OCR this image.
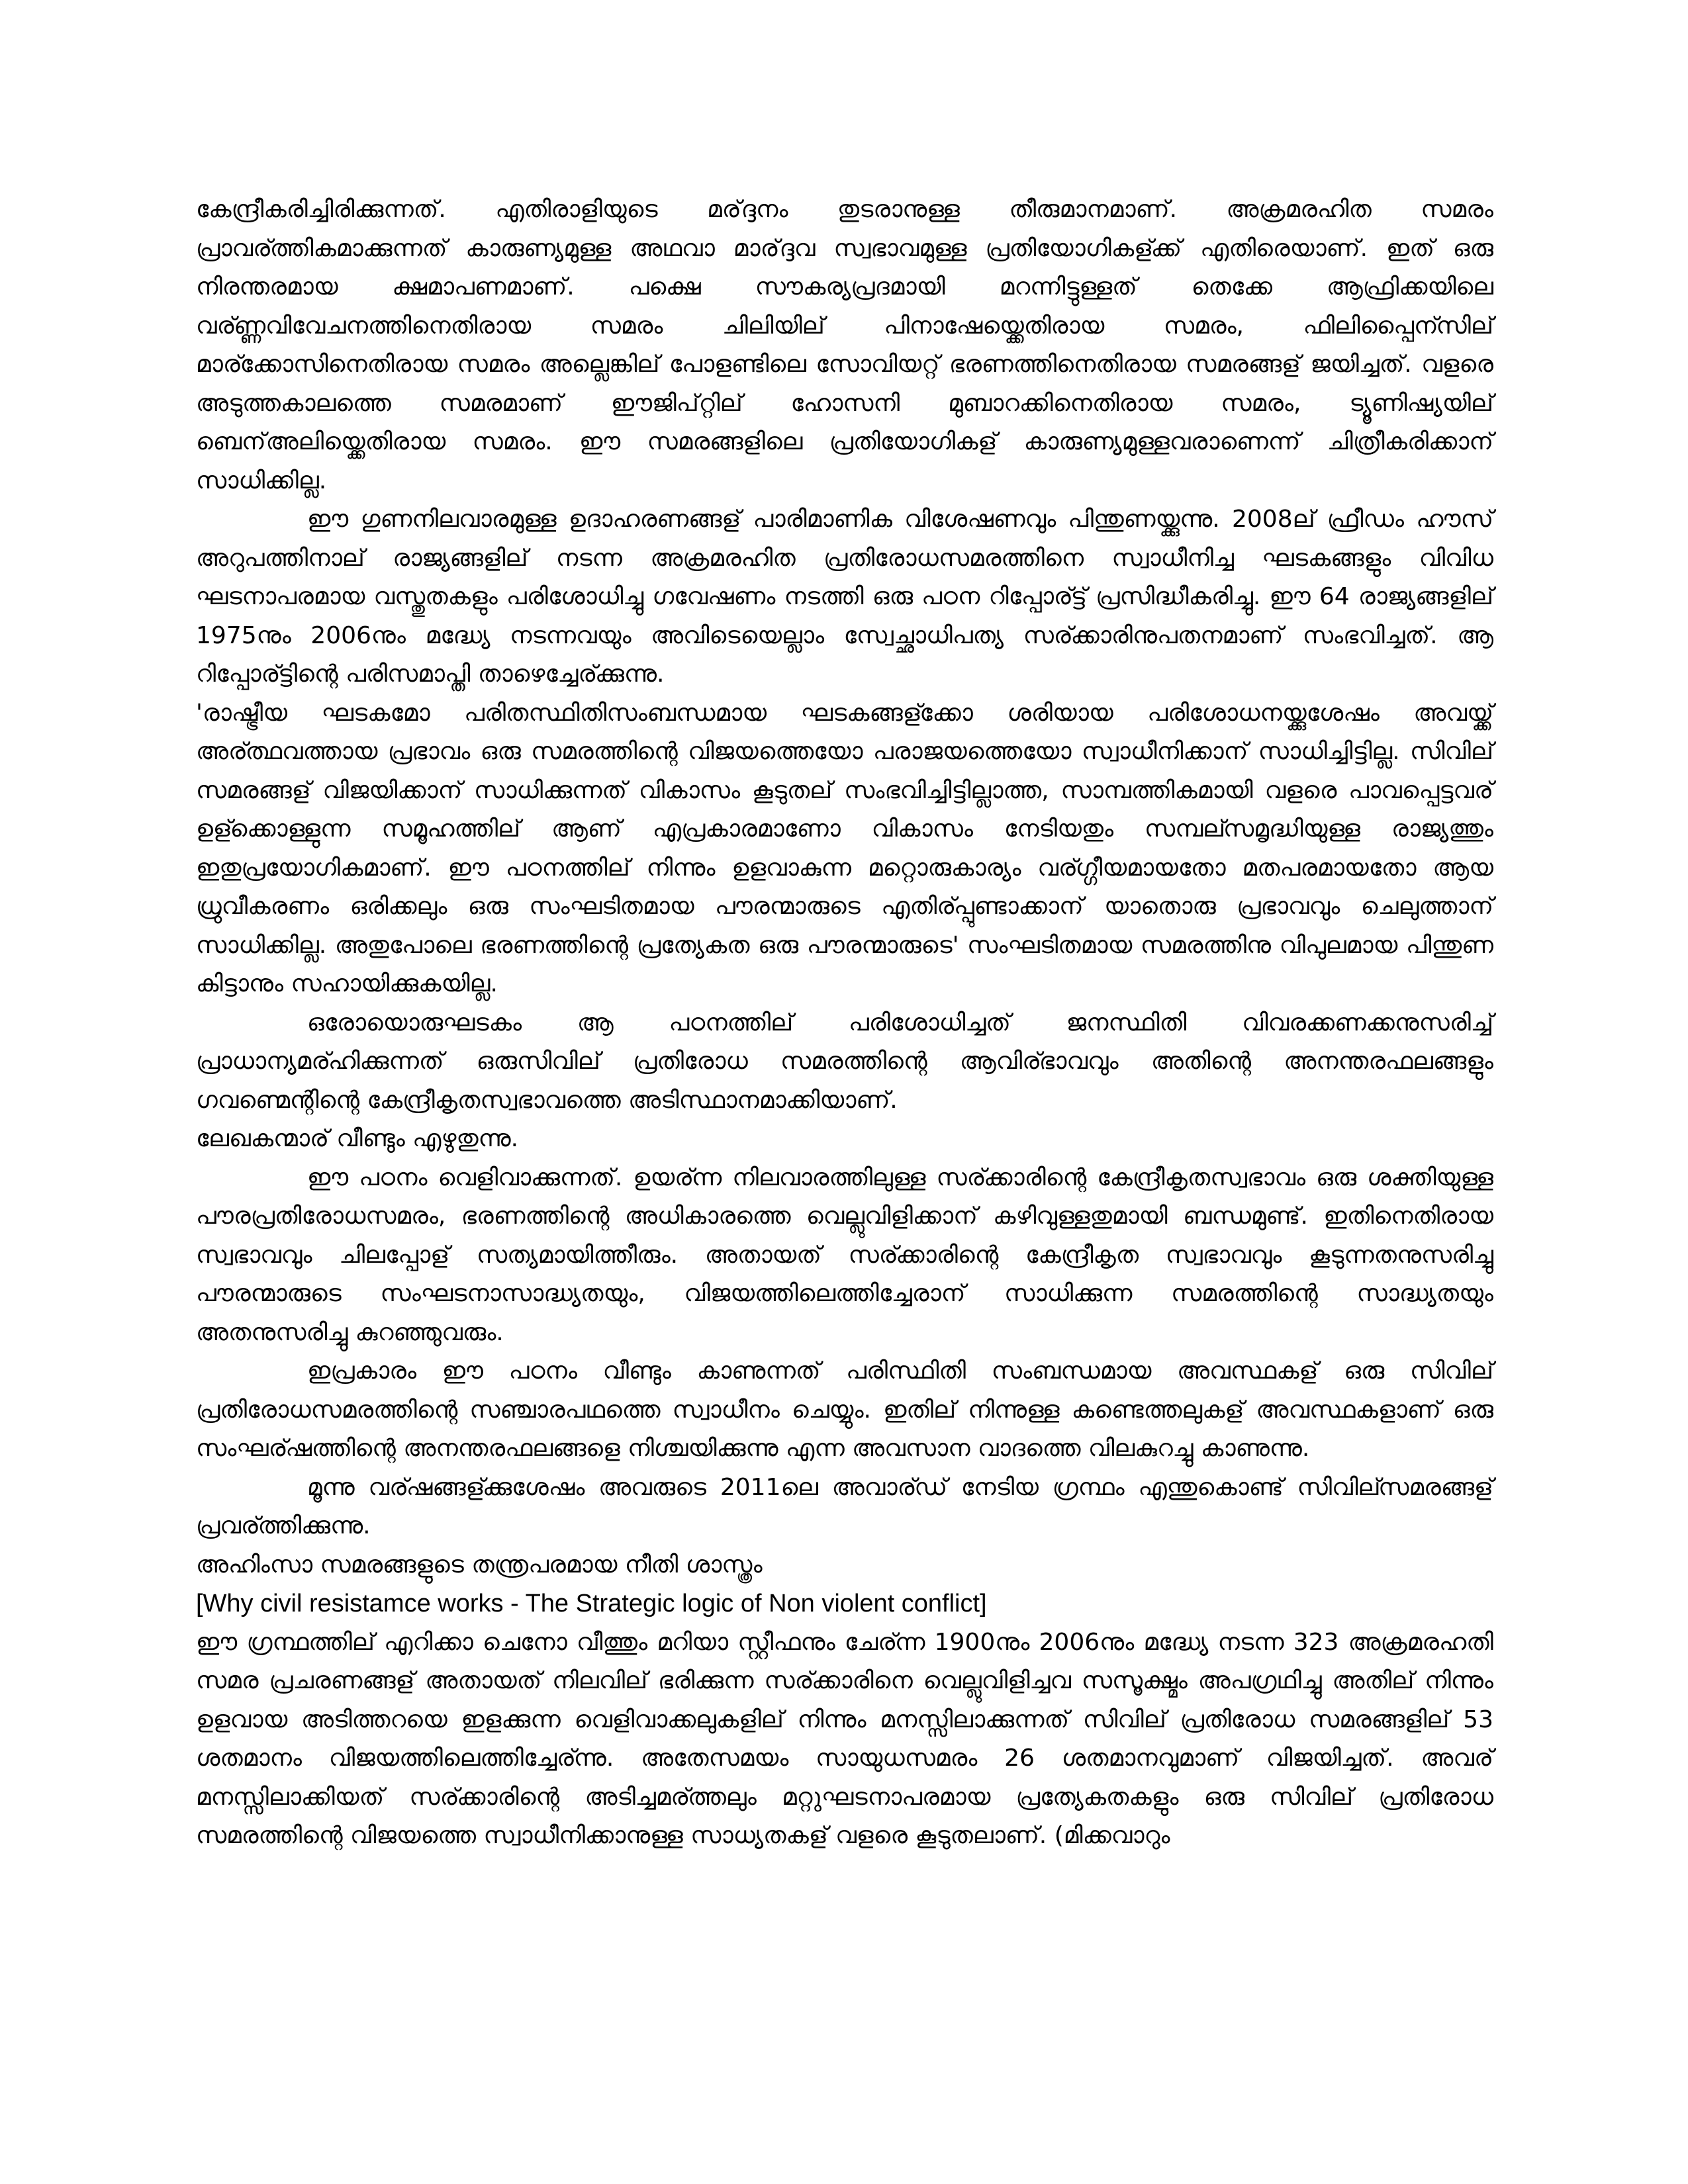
കേന്ദ്രീകരിച്ചിരിക്കുന്നത്. എതിരാളിയുടെ മര്ദ്ദനം തുടരാനുള്ള തീരുമാനമാണ്. അക്രമരഹിത സമരം പ്രാവര്ത്തികമാക്കുന്നത് കാരുണ്യമുള്ള അഥവാ മാര്ദ്ദവ സ്വഭാവമുള്ള പ്രതിയോഗികള്ക്ക് എതിരെയാണ്. ഇത് ഒരു നിരന്തരമായ ക്ഷമാപണമാണ്. പക്ഷെ സൗകര്യപ്രദമായി മറന്നിട്ടുള്ളത് തെക്കേ ആഫ്രിക്കയിലെ വര്ണ്ണവിവേചനത്തിനെതിരായ സമരം ചിലിയില് പിനാഷേയ്ക്കെതിരായ സമരം, ഫിലിപ്പൈന്സില് മാര്ക്കോസിനെതിരായ സമരം അല്ലെങ്കില് പോളണ്ടിലെ സോവിയറ്റ് ഭരണത്തിനെതിരായ സമരങ്ങള് ജയിച്ചത്. വളരെ അടുത്തകാലത്തെ സമരമാണ് ഈജിപ്റ്റില് ഹോസനി മുബാറക്കിനെതിരായ സമരം, ട്യൂണിഷ്യയില് ബെന്അലിയ്ക്കെതിരായ സമരം. ഈ സമരങ്ങളിലെ പ്രതിയോഗികള് കാരുണ്യമുള്ളവരാണെന്ന് ചിത്രീകരിക്കാന് സാധിക്കില്ല.

ഈ ഗുണനിലവാരമുള്ള ഉദാഹരണങ്ങള് പാരിമാണിക വിശേഷണവും പിന്തുണയ്ക്കുന്നു. 2008ല് ഫ്രീഡം ഹൗസ് അറുപത്തിനാല് രാജ്യങ്ങളില് നടന്ന അക്രമരഹിത പ്രതിരോധസമരത്തിനെ സ്വാധീനിച്ച ഘടകങ്ങളും വിവിധ ഘടനാപരമായ വസ്തുതകളും പരിശോധിച്ചു ഗവേഷണം നടത്തി ഒരു പഠന റിപ്പോര്ട്ട് പ്രസിദ്ധീകരിച്ചു. ഈ 64 രാജ്യങ്ങളില് 1975നും 2006നും മദ്ധ്യേ നടന്നവയും അവിടെയെല്ലാം സ്വേച്ഛാധിപത്യ സര്ക്കാരിനുപതനമാണ് സംഭവിച്ചത്. ആ റിപ്പോര്ട്ടിന്റെ പരിസമാപ്തി താഴെച്ചേര്ക്കുന്നു.

'രാഷ്ട്രീയ ഘടകമോ പരിതസ്ഥിതിസംബന്ധമായ ഘടകങ്ങള്ക്കോ ശരിയായ പരിശോധനയ്ക്കുശേഷം അവയ്ക്ക് അര്ത്ഥവത്തായ പ്രഭാവം ഒരു സമരത്തിന്റെ വിജയത്തെയോ പരാജയത്തെയോ സ്വാധീനിക്കാന് സാധിച്ചിട്ടില്ല. സിവില് സമരങ്ങള് വിജയിക്കാന് സാധിക്കുന്നത് വികാസം കൂടുതല് സംഭവിച്ചിട്ടില്ലാത്ത, സാമ്പത്തികമായി വളരെ പാവപ്പെട്ടവര് ഉള്ക്കൊള്ളുന്ന സമൂഹത്തില് ആണ് എപ്രകാരമാണോ വികാസം നേടിയതും സമ്പല്സമൃദ്ധിയുള്ള രാജ്യത്തും ഇതുപ്രയോഗികമാണ്. ഈ പഠനത്തില് നിന്നും ഉളവാകുന്ന മറ്റൊരുകാര്യം വര്ഗ്ഗീയമായതോ മതപരമായതോ ആയ ധ്രുവീകരണം ഒരിക്കലും ഒരു സംഘടിതമായ പൗരന്മാരുടെ എതിര്പ്പുണ്ടാക്കാന് യാതൊരു പ്രഭാവവും ചെലുത്താന് സാധിക്കില്ല. അതുപോലെ ഭരണത്തിന്റെ പ്രത്യേകത ഒരു പൗരന്മാരുടെ' സംഘടിതമായ സമരത്തിനു വിപുലമായ പിന്തുണ കിട്ടാനും സഹായിക്കുകയില്ല.

ഒരോയൊരുഘടകം ആ പഠനത്തില് പരിശോധിച്ചത് ജനസ്ഥിതി വിവരക്കണക്കനുസരിച്ച് പ്രാധാന്യമര്ഹിക്കുന്നത് ഒരുസിവില് പ്രതിരോധ സമരത്തിന്റെ ആവിര്ഭാവവും അതിന്റെ അനന്തരഫലങ്ങളും ഗവണ്മെന്റിന്റെ കേന്ദ്രീകൃതസ്വഭാവത്തെ അടിസ്ഥാനമാക്കിയാണ്.

ലേഖകന്മാര് വീണ്ടും എഴുതുന്നു.

ഈ പഠനം വെളിവാക്കുന്നത്. ഉയര്ന്ന നിലവാരത്തിലുള്ള സര്ക്കാരിന്റെ കേന്ദ്രീകൃതസ്വഭാവം ഒരു ശക്തിയുള്ള പൗരപ്രതിരോധസമരം, ഭരണത്തിന്റെ അധികാരത്തെ വെല്ലുവിളിക്കാന് കഴിവുള്ളതുമായി ബന്ധമുണ്ട്. ഇതിനെതിരായ സ്വഭാവവും ചിലപ്പോള് സത്യമായിത്തീരും. അതായത് സര്ക്കാരിന്റെ കേന്ദ്രീകൃത സ്വഭാവവും കൂടുന്നതനുസരിച്ചു പൗരന്മാരുടെ സംഘടനാസാദ്ധ്യതയും, വിജയത്തിലെത്തിച്ചേരാന് സാധിക്കുന്ന സമരത്തിന്റെ സാദ്ധ്യതയും അതനുസരിച്ചു കുറഞ്ഞുവരും.

ഇപ്രകാരം ഈ പഠനം വീണ്ടും കാണുന്നത് പരിസ്ഥിതി സംബന്ധമായ അവസ്ഥകള് ഒരു സിവില് പ്രതിരോധസമരത്തിന്റെ സഞ്ചാരപഥത്തെ സ്വാധീനം ചെയ്യും. ഇതില് നിന്നുള്ള കണ്ടെത്തലുകള് അവസ്ഥകളാണ് ഒരു സംഘര്ഷത്തിന്റെ അനന്തരഫലങ്ങളെ നിശ്ചയിക്കുന്നു എന്ന അവസാന വാദത്തെ വിലകുറച്ചു കാണുന്നു.

മൂന്നു വര്ഷങ്ങള്ക്കുശേഷം അവരുടെ 2011ലെ അവാര്ഡ് നേടിയ ഗ്രന്ഥം എന്തുകൊണ്ട് സിവില്സമരങ്ങള് പ്രവര്ത്തിക്കുന്നു.

അഹിംസാ സമരങ്ങളുടെ തന്ത്രപരമായ നീതി ശാസ്ത്രം

[Why civil resistamce works - The Strategic logic of Non violent conflict]

ഈ ഗ്രന്ഥത്തില് എറിക്കാ ചെനോ വീത്തും മറിയാ സ്റ്റീഫനും ചേര്ന്ന 1900നും 2006നും മദ്ധ്യേ നടന്ന 323 അക്രമരഹതി സമര പ്രചരണങ്ങള് അതായത് നിലവില് ഭരിക്കുന്ന സര്ക്കാരിനെ വെല്ലുവിളിച്ചവ സസൂക്ഷ്മം അപഗ്രഥിച്ചു അതില് നിന്നും ഉളവായ അടിത്തറയെ ഇളക്കുന്ന വെളിവാക്കലുകളില് നിന്നും മനസ്സിലാക്കുന്നത് സിവില് പ്രതിരോധ സമരങ്ങളില് 53 ശതമാനം വിജയത്തിലെത്തിച്ചേര്ന്നു. അതേസമയം സായുധസമരം 26 ശതമാനവുമാണ് വിജയിച്ചത്. അവര് മനസ്സിലാക്കിയത് സര്ക്കാരിന്റെ അടിച്ചമര്ത്തലും മറ്റുഘടനാപരമായ പ്രത്യേകതകളും ഒരു സിവില് പ്രതിരോധ സമരത്തിന്റെ വിജയത്തെ സ്വാധീനിക്കാനുള്ള സാധ്യതകള് വളരെ കൂടുതലാണ്. (മിക്കവാറും
